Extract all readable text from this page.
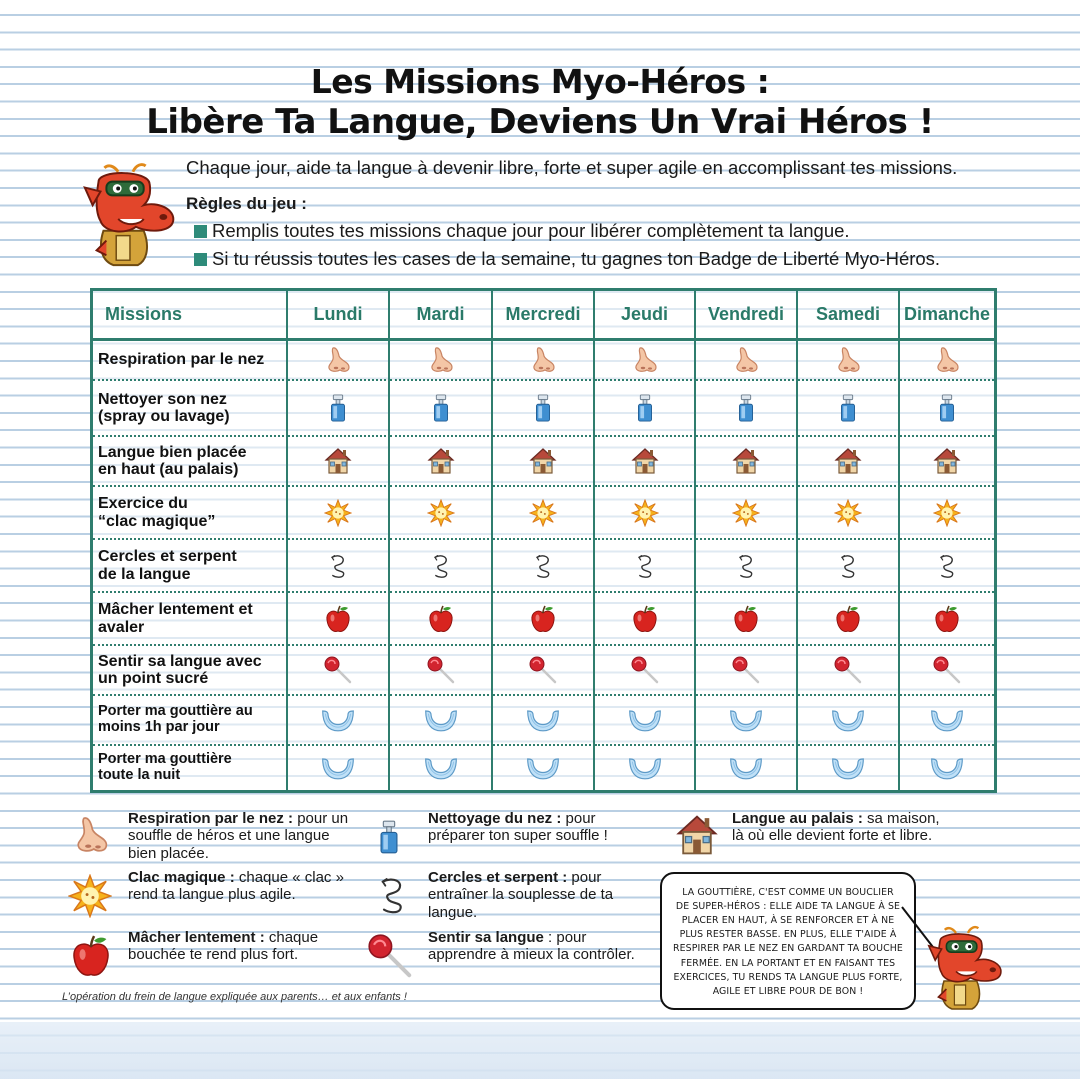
Les Missions Myo-Héros :
Libère Ta Langue, Deviens Un Vrai Héros !
Chaque jour, aide ta langue à devenir libre, forte et super agile en accomplissant tes missions.
Règles du jeu :
Remplis toutes tes missions chaque jour pour libérer complètement ta langue.
Si tu réussis toutes les cases de la semaine, tu gagnes ton Badge de Liberté Myo-Héros.
Missions	Lundi	Mardi	Mercredi	Jeudi	Vendredi	Samedi	Dimanche
Respiration par le nez
Nettoyer son nez
(spray ou lavage)
Langue bien placée
en haut (au palais)
Exercice du
“clac magique”
Cercles et serpent
de la langue
Mâcher lentement et
avaler
Sentir sa langue avec
un point sucré
Porter ma gouttière au
moins 1h par jour
Porter ma gouttière
toute la nuit
Respiration par le nez : pour un
souffle de héros et une langue
bien placée.
Nettoyage du nez : pour
préparer ton super souffle !
Langue au palais : sa maison,
là où elle devient forte et libre.
Clac magique : chaque « clac »
rend ta langue plus agile.
Cercles et serpent : pour
entraîner la souplesse de ta
langue.
Mâcher lentement : chaque
bouchée te rend plus fort.
Sentir sa langue : pour
apprendre à mieux la contrôler.
L’opération du frein de langue expliquée aux parents… et aux enfants !
LA GOUTTIÈRE, C'EST COMME UN BOUCLIER
DE SUPER-HÉROS : ELLE AIDE TA LANGUE À SE
PLACER EN HAUT, À SE RENFORCER ET À NE
PLUS RESTER BASSE. EN PLUS, ELLE T'AIDE À
RESPIRER PAR LE NEZ EN GARDANT TA BOUCHE
FERMÉE. EN LA PORTANT ET EN FAISANT TES
EXERCICES, TU RENDS TA LANGUE PLUS FORTE,
AGILE ET LIBRE POUR DE BON !
